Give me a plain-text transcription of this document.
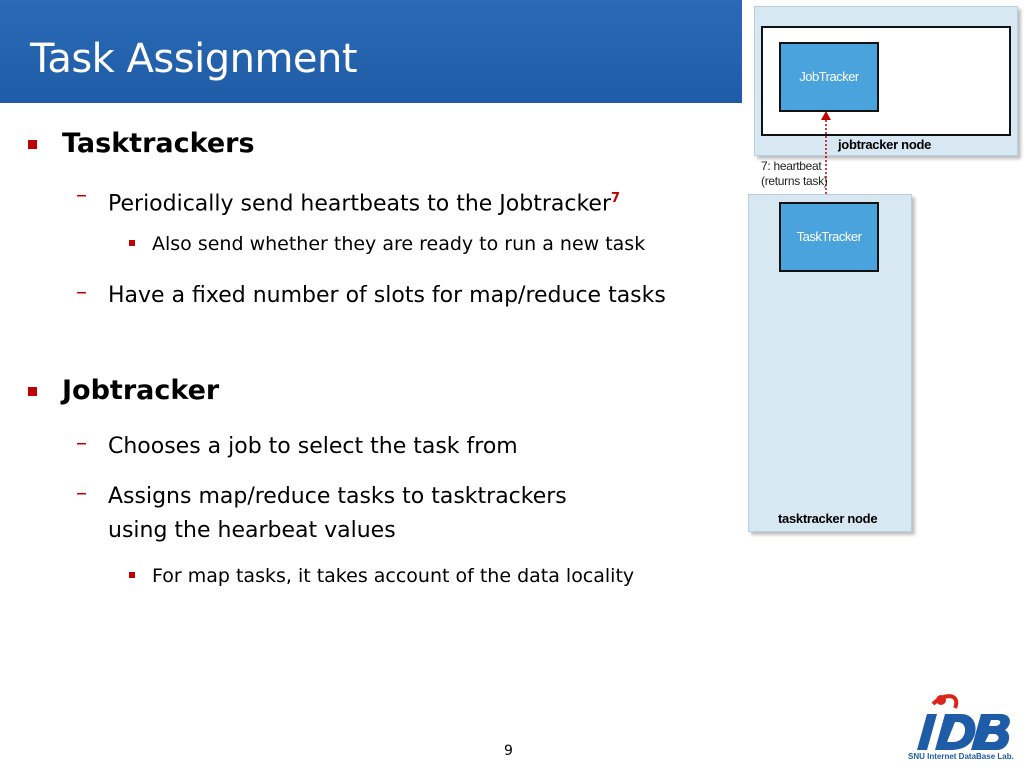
Task Assignment
Tasktrackers
– Periodically send heartbeats to the Jobtracker$^7$
Also send whether they are ready to run a new task
– Have a fixed number of slots for map/reduce tasks
Jobtracker
– Chooses a job to select the task from
– Assigns map/reduce tasks to tasktrackers
using the hearbeat values
For map tasks, it takes account of the data locality
JobTracker
jobtracker node
7: heartbeat
(returns task)
TaskTracker
tasktracker node
9	SNU Internet DataBase Lab.
